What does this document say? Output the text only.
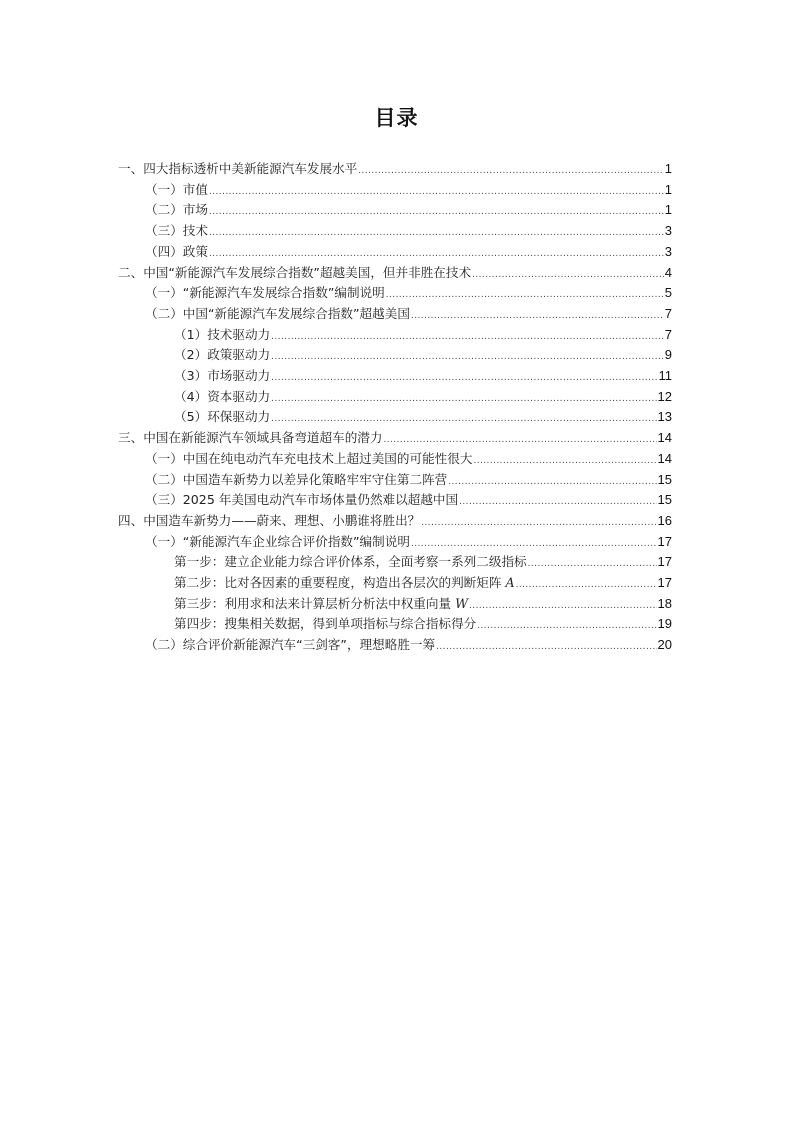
目录
一、四大指标透析中美新能源汽车发展水平 .....	1
（一）市值 .....	1
（二）市场 .....	1
（三）技术 .....	3
（四）政策 .....	3
二、中国“新能源汽车发展综合指数”超越美国，但并非胜在技术 .....	4
（一）“新能源汽车发展综合指数”编制说明 .....	5
（二）中国“新能源汽车发展综合指数”超越美国 .....	7
（1）技术驱动力 .....	7
（2）政策驱动力 .....	9
（3）市场驱动力 .....	11
（4）资本驱动力 .....	12
（5）环保驱动力 .....	13
三、中国在新能源汽车领域具备弯道超车的潜力 .....	14
（一）中国在纯电动汽车充电技术上超过美国的可能性很大 .....	14
（二）中国造车新势力以差异化策略牢牢守住第二阵营 .....	15
（三）2025 年美国电动汽车市场体量仍然难以超越中国 .....	15
四、中国造车新势力——蔚来、理想、小鹏谁将胜出？ .....	16
（一）“新能源汽车企业综合评价指数”编制说明 .....	17
第一步：建立企业能力综合评价体系，全面考察一系列二级指标 .....	17
第二步：比对各因素的重要程度，构造出各层次的判断矩阵 A .....	17
第三步：利用求和法来计算层析分析法中权重向量 W .....	18
第四步：搜集相关数据，得到单项指标与综合指标得分 .....	19
（二）综合评价新能源汽车“三剑客”，理想略胜一筹 .....	20
